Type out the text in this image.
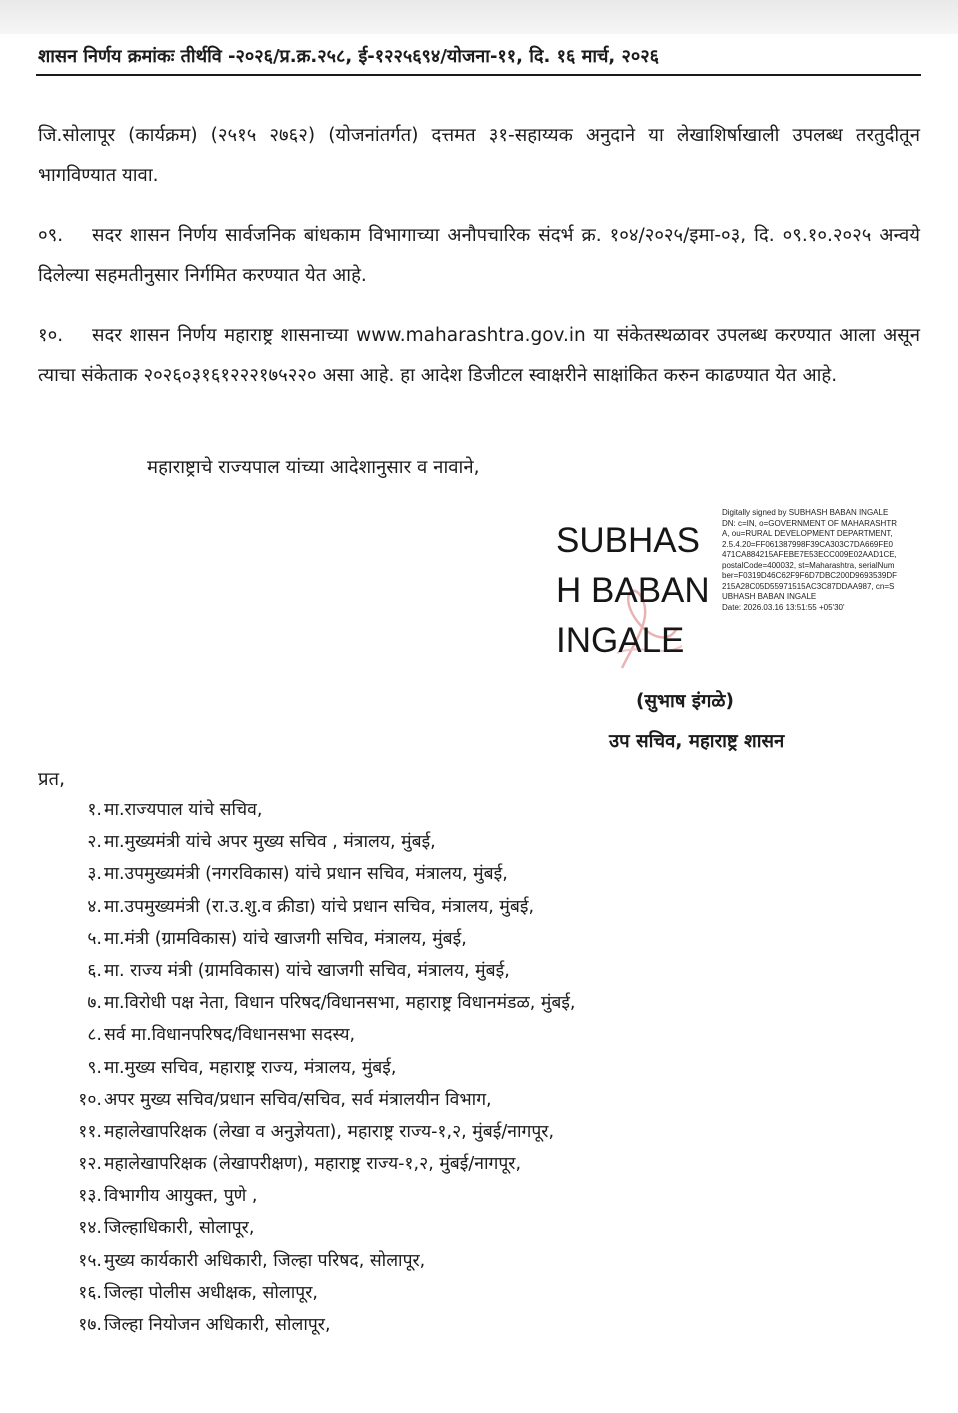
शासन निर्णय क्रमांकः तीर्थवि -२०२६/प्र.क्र.२५८, ई-१२२५६९४/योजना-११, दि. १६ मार्च, २०२६
जि.सोलापूर (कार्यक्रम) (२५१५ २७६२) (योजनांतर्गत) दत्तमत ३१-सहाय्यक अनुदाने या लेखाशिर्षाखाली उपलब्ध तरतुदीतून भागविण्यात यावा.
०९. सदर शासन निर्णय सार्वजनिक बांधकाम विभागाच्या अनौपचारिक संदर्भ क्र. १०४/२०२५/इमा-०३, दि. ०९.१०.२०२५ अन्वये दिलेल्या सहमतीनुसार निर्गमित करण्यात येत आहे.
१०. सदर शासन निर्णय महाराष्ट्र शासनाच्या www.maharashtra.gov.in या संकेतस्थळावर उपलब्ध करण्यात आला असून त्याचा संकेताक २०२६०३१६१२२२१७५२२० असा आहे. हा आदेश डिजीटल स्वाक्षरीने साक्षांकित करुन काढण्यात येत आहे.
महाराष्ट्राचे राज्यपाल यांच्या आदेशानुसार व नावाने,
SUBHAS H BABAN INGALE
Digitally signed by SUBHASH BABAN INGALE
DN: c=IN, o=GOVERNMENT OF MAHARASHTRA, ou=RURAL DEVELOPMENT DEPARTMENT, 2.5.4.20=FF061387998F39CA303C7DA669FE0471CA884215AFEBE7E53ECC009E02AAD1CE, postalCode=400032, st=Maharashtra, serialNumber=F0319D46C62F9F6D7DBC200D9693539DF215A28C05D55971515AC3C87DDAA987, cn=SUBHASH BABAN INGALE
Date: 2026.03.16 13:51:55 +05'30'
(सुभाष इंगळे)
उप सचिव, महाराष्ट्र शासन
प्रत,
१. मा.राज्यपाल यांचे सचिव,
२. मा.मुख्यमंत्री यांचे अपर मुख्य सचिव , मंत्रालय, मुंबई,
३. मा.उपमुख्यमंत्री (नगरविकास) यांचे प्रधान सचिव, मंत्रालय, मुंबई,
४. मा.उपमुख्यमंत्री (रा.उ.शु.व क्रीडा) यांचे प्रधान सचिव, मंत्रालय, मुंबई,
५. मा.मंत्री (ग्रामविकास) यांचे खाजगी सचिव, मंत्रालय, मुंबई,
६. मा. राज्य मंत्री (ग्रामविकास) यांचे खाजगी सचिव, मंत्रालय, मुंबई,
७. मा.विरोधी पक्ष नेता, विधान परिषद/विधानसभा, महाराष्ट्र विधानमंडळ, मुंबई,
८. सर्व मा.विधानपरिषद/विधानसभा सदस्य,
९. मा.मुख्य सचिव, महाराष्ट्र राज्य, मंत्रालय, मुंबई,
१०. अपर मुख्य सचिव/प्रधान सचिव/सचिव, सर्व मंत्रालयीन विभाग,
११. महालेखापरिक्षक (लेखा व अनुज्ञेयता), महाराष्ट्र राज्य-१,२, मुंबई/नागपूर,
१२. महालेखापरिक्षक (लेखापरीक्षण), महाराष्ट्र राज्य-१,२, मुंबई/नागपूर,
१३. विभागीय आयुक्त, पुणे ,
१४. जिल्हाधिकारी, सोलापूर,
१५. मुख्य कार्यकारी अधिकारी, जिल्हा परिषद, सोलापूर,
१६. जिल्हा पोलीस अधीक्षक, सोलापूर,
१७. जिल्हा नियोजन अधिकारी, सोलापूर,
